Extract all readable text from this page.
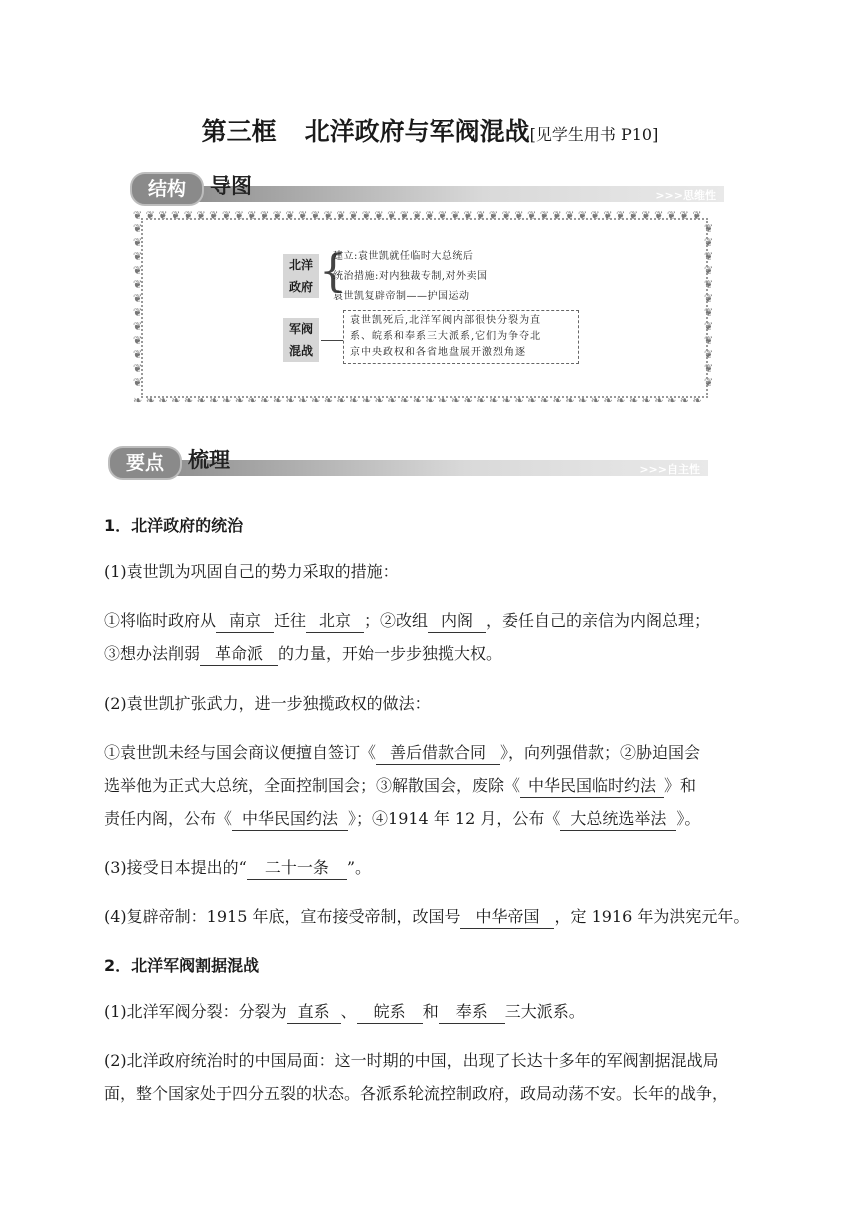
第三框 北洋政府与军阀混战[见学生用书 P10]
结构	导图	>>>思维性
❦ ❦ ❦ ❦ ❦ ❦ ❦ ❦ ❦ ❦ ❦ ❦ ❦ ❦ ❦ ❦ ❦ ❦ ❦ ❦ ❦ ❦ ❦ ❦ ❦ ❦ ❦ ❦ ❦ ❦ ❦ ❦ ❦ ❦ ❦ ❦ ❦ ❦ ❦ ❦ ❦ ❦ ❦ ❦ ❦
❧ ❧ ❧ ❧ ❧ ❧ ❧ ❧ ❧ ❧ ❧ ❧ ❧ ❧ ❧ ❧ ❧ ❧ ❧ ❧ ❧ ❧ ❧ ❧ ❧ ❧ ❧ ❧ ❧ ❧ ❧ ❧ ❧ ❧ ❧ ❧ ❧ ❧ ❧ ❧ ❧ ❧ ❧ ❧ ❧
❦❦❦❦❦❦❦❦❦❦❦❦
❦❦❦❦❦❦❦❦❦❦❦❦
北洋
政府 {
建立:袁世凯就任临时大总统后
统治措施:对内独裁专制,对外卖国
袁世凯复辟帝制——护国运动
军阀
混战
袁世凯死后,北洋军阀内部很快分裂为直
系、皖系和奉系三大派系,它们为争夺北
京中央政权和各省地盘展开激烈角逐
要点	梳理	>>>自主性
1．北洋政府的统治
(1)袁世凯为巩固自己的势力采取的措施：
①将临时政府从 南京 迁往 北京 ；②改组 内阁 ，委任自己的亲信为内阁总理；
③想办法削弱 革命派 的力量，开始一步步独揽大权。
(2)袁世凯扩张武力，进一步独揽政权的做法：
①袁世凯未经与国会商议便擅自签订《 善后借款合同 》，向列强借款；②胁迫国会
选举他为正式大总统，全面控制国会；③解散国会，废除《 中华民国临时约法 》和
责任内阁，公布《 中华民国约法 》；④1914 年 12 月，公布《 大总统选举法 》。
(3)接受日本提出的“ 二十一条 ”。
(4)复辟帝制：1915 年底，宣布接受帝制，改国号 中华帝国 ，定 1916 年为洪宪元年。
2．北洋军阀割据混战
(1)北洋军阀分裂：分裂为 直系 、 皖系 和 奉系 三大派系。
(2)北洋政府统治时的中国局面：这一时期的中国，出现了长达十多年的军阀割据混战局
面，整个国家处于四分五裂的状态。各派系轮流控制政府，政局动荡不安。长年的战争，
